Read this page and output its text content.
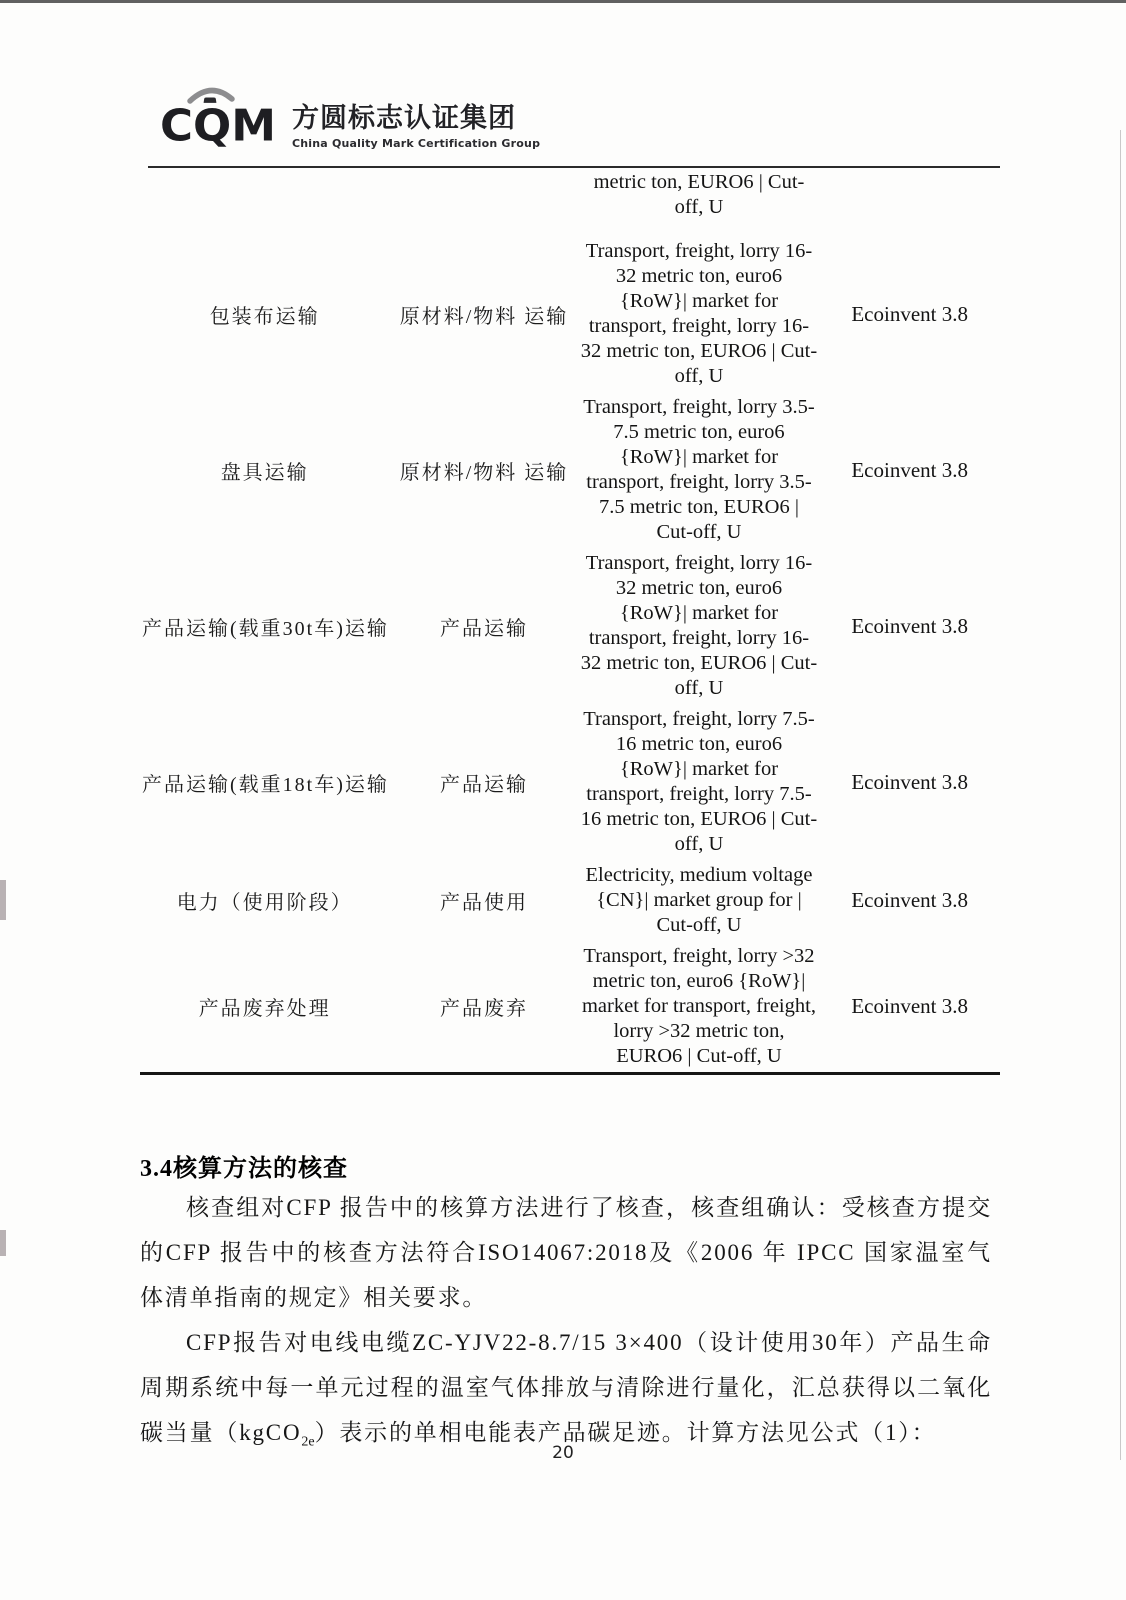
CQM 方圆标志认证集团
China Quality Mark Certification Group
		metric ton, EURO6 | Cut-off, U	
包装布运输	原材料/物料 运输	Transport, freight, lorry 16-32 metric ton, euro6 {RoW}| market for transport, freight, lorry 16-32 metric ton, EURO6 | Cut-off, U	Ecoinvent 3.8
盘具运输	原材料/物料 运输	Transport, freight, lorry 3.5-7.5 metric ton, euro6 {RoW}| market for transport, freight, lorry 3.5-7.5 metric ton, EURO6 | Cut-off, U	Ecoinvent 3.8
产品运输(载重30t车)运输	产品运输	Transport, freight, lorry 16-32 metric ton, euro6 {RoW}| market for transport, freight, lorry 16-32 metric ton, EURO6 | Cut-off, U	Ecoinvent 3.8
产品运输(载重18t车)运输	产品运输	Transport, freight, lorry 7.5-16 metric ton, euro6 {RoW}| market for transport, freight, lorry 7.5-16 metric ton, EURO6 | Cut-off, U	Ecoinvent 3.8
电力（使用阶段）	产品使用	Electricity, medium voltage {CN}| market group for | Cut-off, U	Ecoinvent 3.8
产品废弃处理	产品废弃	Transport, freight, lorry >32 metric ton, euro6 {RoW}| market for transport, freight, lorry >32 metric ton, EURO6 | Cut-off, U	Ecoinvent 3.8
3.4核算方法的核查

核查组对CFP 报告中的核算方法进行了核查，核查组确认：受核查方提交的CFP 报告中的核查方法符合ISO14067:2018及《2006 年 IPCC 国家温室气体清单指南的规定》相关要求。

CFP报告对电线电缆ZC-YJV22-8.7/15 3×400（设计使用30年）产品生命周期系统中每一单元过程的温室气体排放与清除进行量化，汇总获得以二氧化碳当量（kgCO$_{2e}$）表示的单相电能表产品碳足迹。计算方法见公式（1）：

20
